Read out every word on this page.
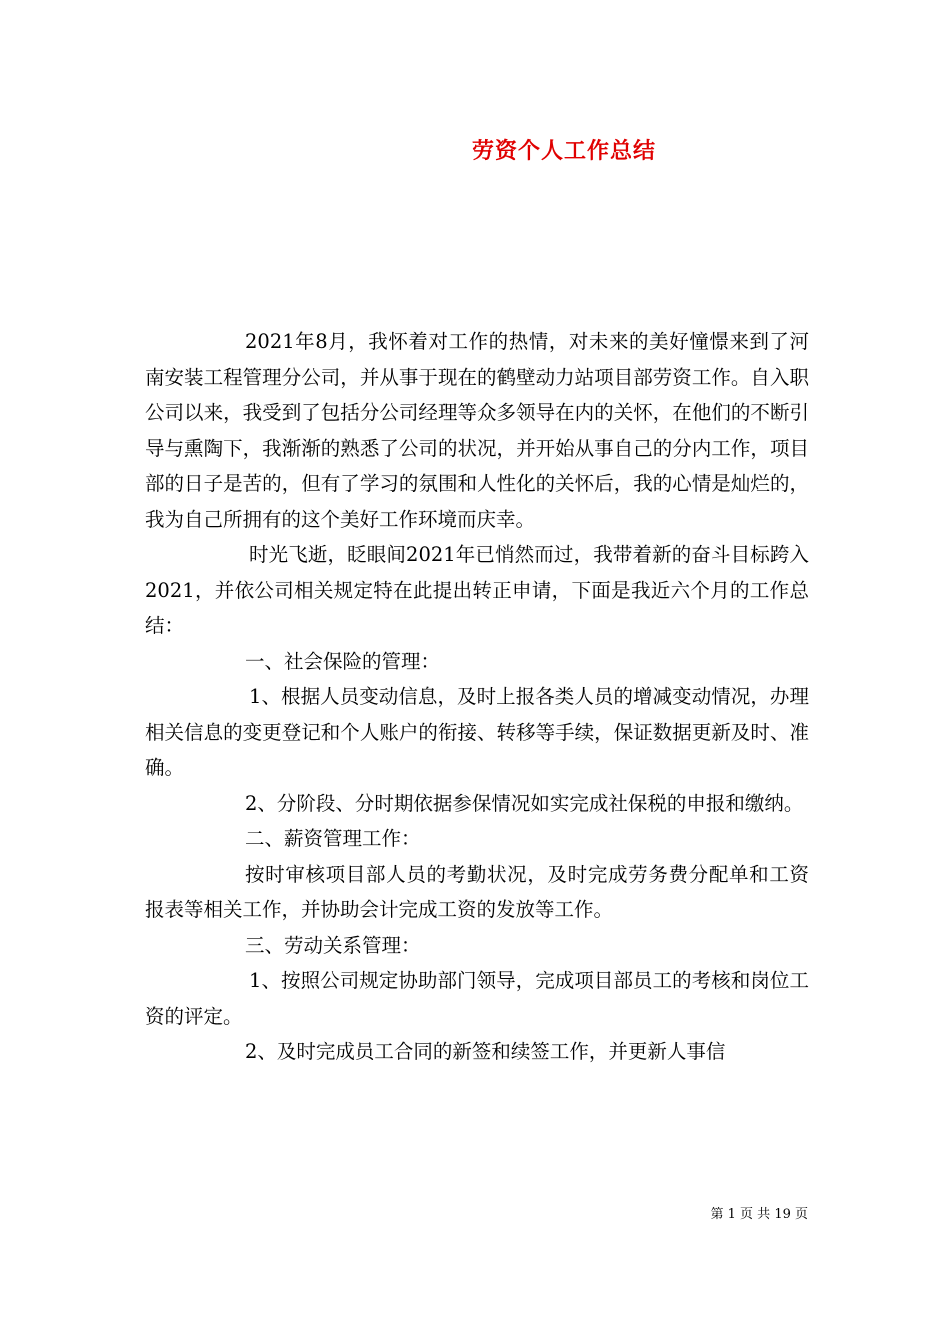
劳资个人工作总结

2021年8月，我怀着对工作的热情，对未来的美好憧憬来到了河南安装工程管理分公司，并从事于现在的鹤壁动力站项目部劳资工作。自入职公司以来，我受到了包括分公司经理等众多领导在内的关怀，在他们的不断引导与熏陶下，我渐渐的熟悉了公司的状况，并开始从事自己的分内工作，项目部的日子是苦的，但有了学习的氛围和人性化的关怀后，我的心情是灿烂的，我为自己所拥有的这个美好工作环境而庆幸。

时光飞逝，眨眼间2021年已悄然而过，我带着新的奋斗目标跨入2021，并依公司相关规定特在此提出转正申请，下面是我近六个月的工作总结：

一、社会保险的管理：

1、根据人员变动信息，及时上报各类人员的增减变动情况，办理相关信息的变更登记和个人账户的衔接、转移等手续，保证数据更新及时、准确。

2、分阶段、分时期依据参保情况如实完成社保税的申报和缴纳。

二、薪资管理工作：

按时审核项目部人员的考勤状况，及时完成劳务费分配单和工资报表等相关工作，并协助会计完成工资的发放等工作。

三、劳动关系管理：

1、按照公司规定协助部门领导，完成项目部员工的考核和岗位工资的评定。

2、及时完成员工合同的新签和续签工作，并更新人事信

第 1 页 共 19 页
